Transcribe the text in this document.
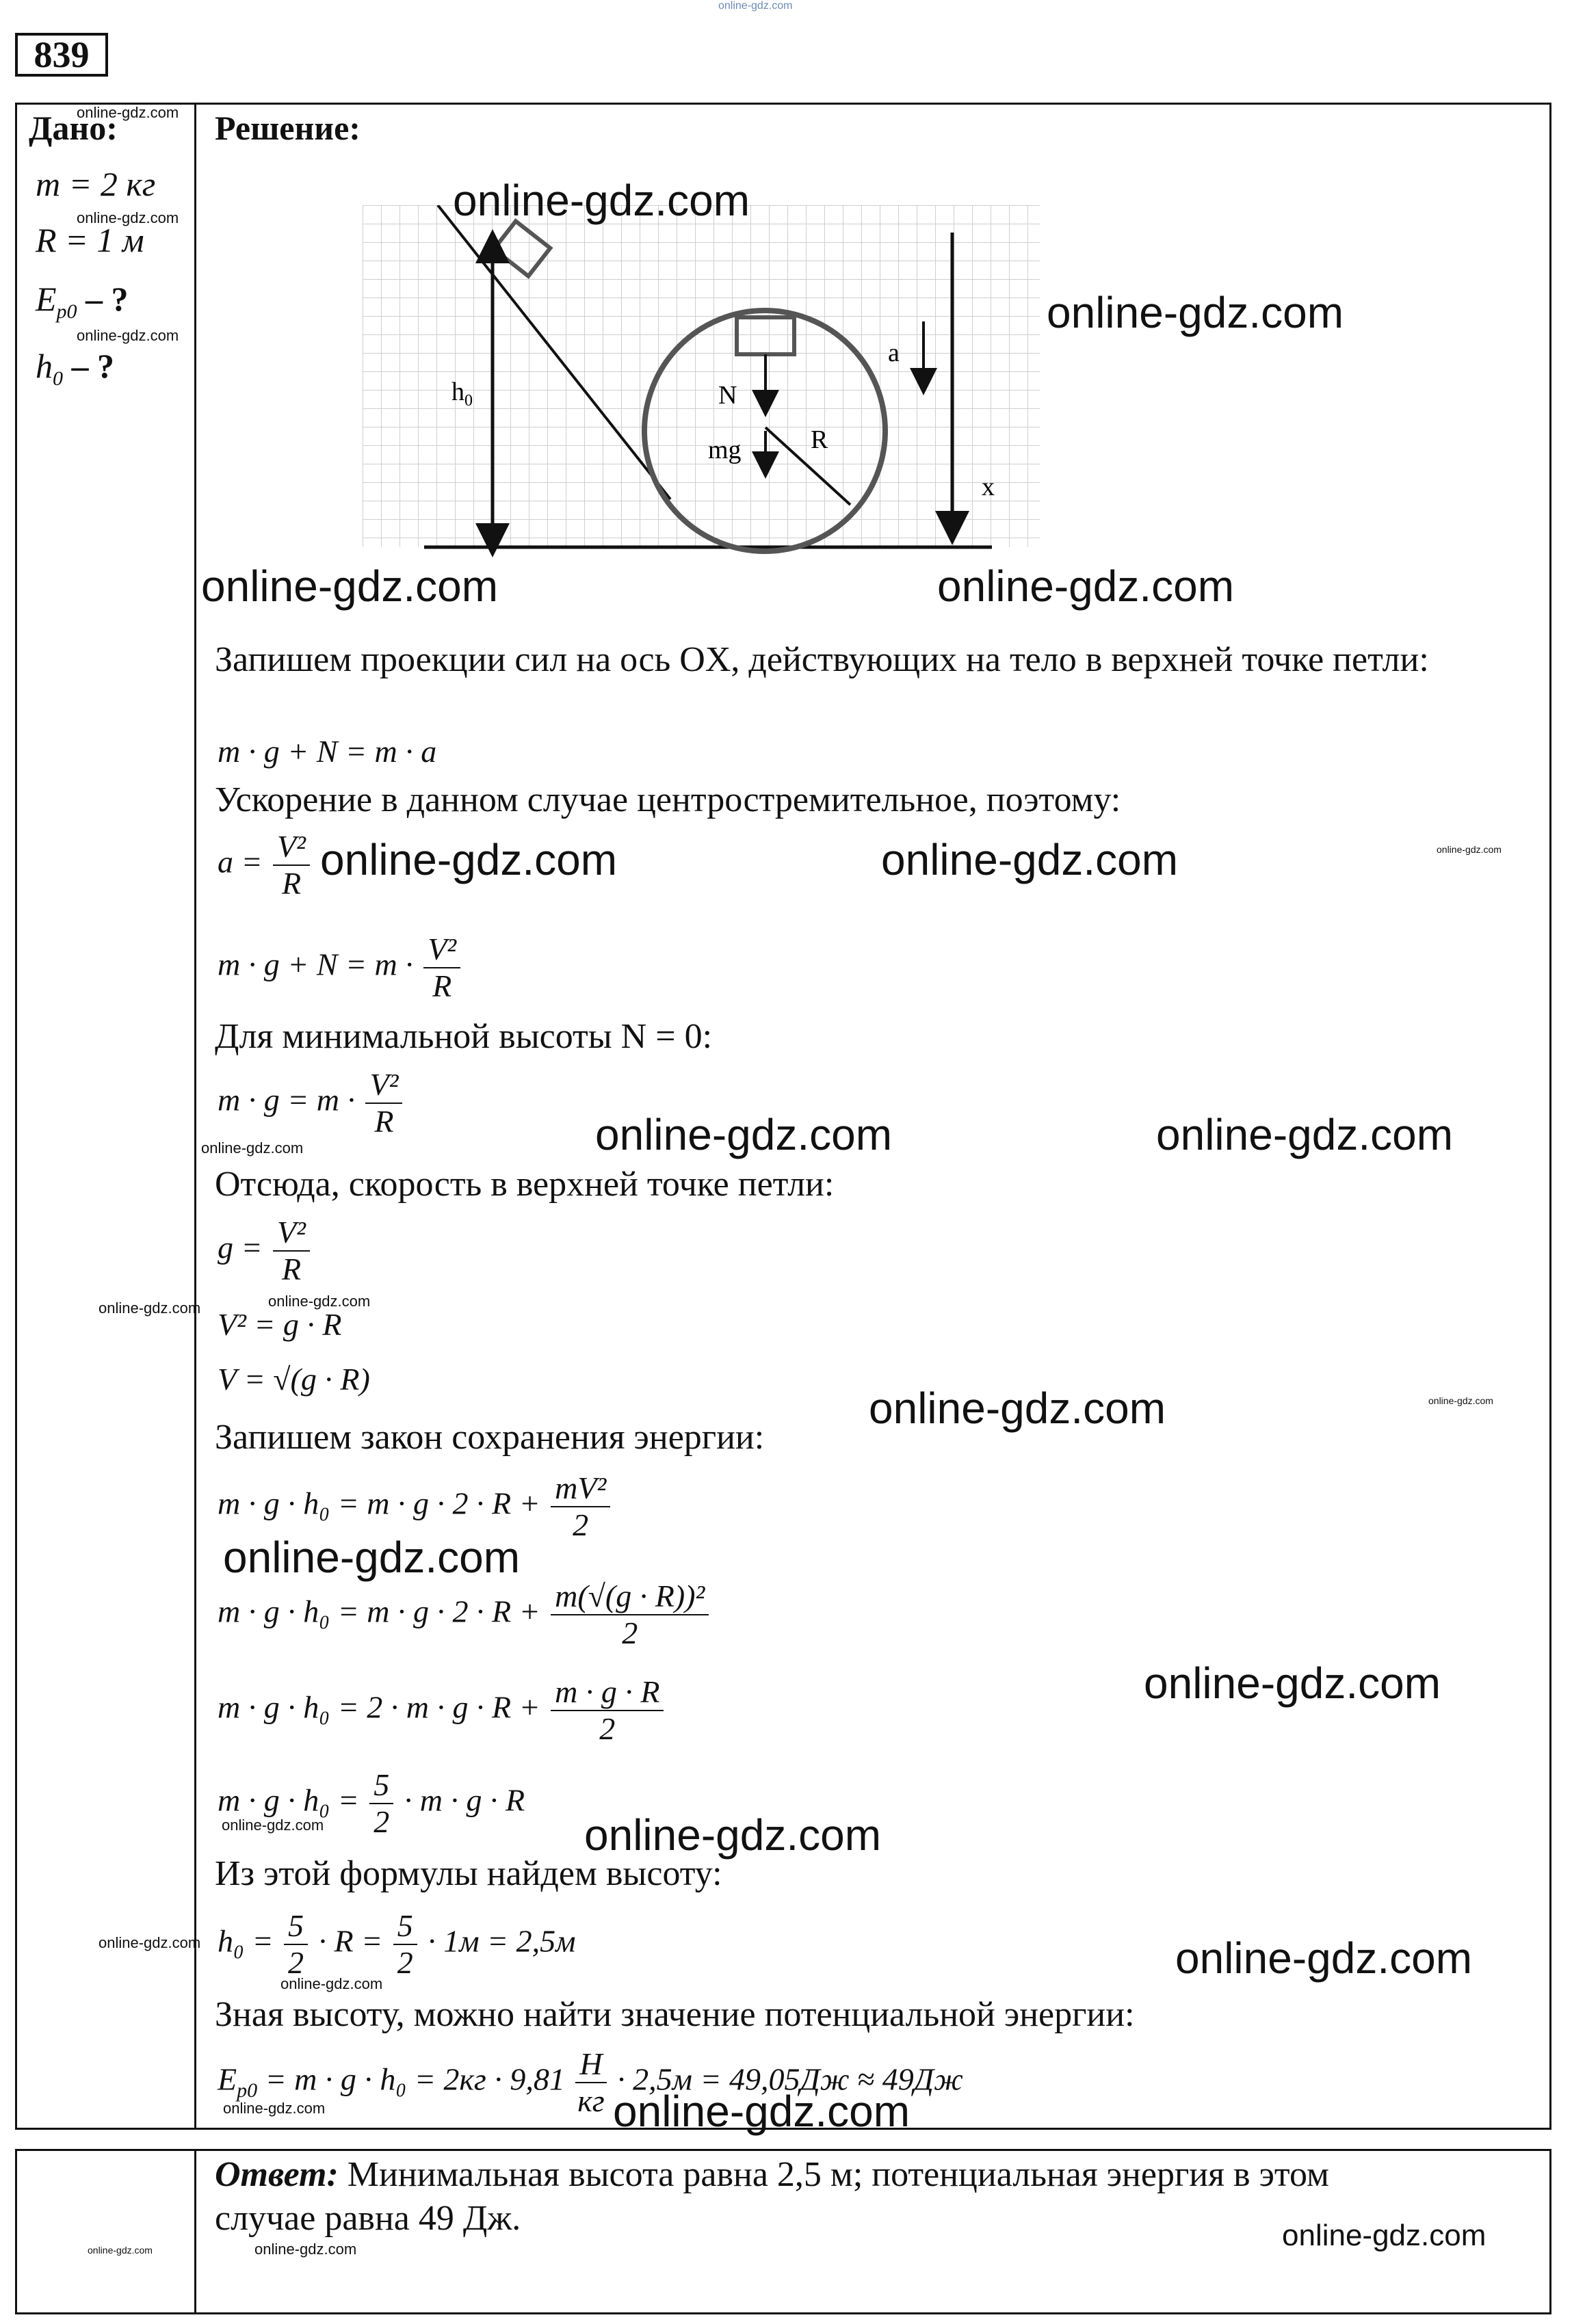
online-gdz.com
839
Дано:
m = 2 кг
R = 1 м
$E_{p0}$ – ?
$h_0$ – ?
online-gdz.com
online-gdz.com
online-gdz.com
online-gdz.com
online-gdz.com
online-gdz.com
Решение:
$h_0$	N
mg	R
a
x
Запишем проекции сил на ось OX, действующих на тело в верхней точке петли:
m · g + N = m · a
Ускорение в данном случае центростремительное, поэтому:
$a = \frac{\text{V²}}{R}$
$m \cdot g + N = m \cdot \frac{\text{V²}}{R}$
Для минимальной высоты N = 0:
$m \cdot g = m \cdot \frac{\text{V²}}{R}$
Отсюда, скорость в верхней точке петли:
$g = \frac{\text{V²}}{R}$
V² = g · R
V = √(g · R)
Запишем закон сохранения энергии:
$m \cdot g \cdot h_0 = m \cdot g \cdot 2 \cdot R + \frac{\text{mV²}}{2}$
$m \cdot g \cdot h_0 = m \cdot g \cdot 2 \cdot R + \frac{\text{m(√(g · R))²}}{2}$
$m \cdot g \cdot h_0 = 2 \cdot m \cdot g \cdot R + \frac{m \cdot g \cdot R}{2}$
$m \cdot g \cdot h_0 = \frac{5}{2} \cdot m \cdot g \cdot R$
Из этой формулы найдем высоту:
$h_0 = \frac{5}{2} \cdot R = \frac{5}{2} \cdot 1м = 2,5м$
Зная высоту, можно найти значение потенциальной энергии:
$E_{p0} = m \cdot g \cdot h_0 = 2кг \cdot 9,81 \frac{Н}{кг} \cdot 2,5м = 49,05Дж \approx 49Дж$
Ответ: Минимальная высота равна 2,5 м; потенциальная энергия в этом
случае равна 49 Дж.
online-gdz.com
online-gdz.com
online-gdz.com	online-gdz.com
online-gdz.com	online-gdz.com
online-gdz.com	online-gdz.com
online-gdz.com
online-gdz.com
online-gdz.com
online-gdz.com
online-gdz.com
online-gdz.com
online-gdz.com
online-gdz.com
online-gdz.com
online-gdz.com
online-gdz.com
online-gdz.com
online-gdz.com
online-gdz.com
online-gdz.com
